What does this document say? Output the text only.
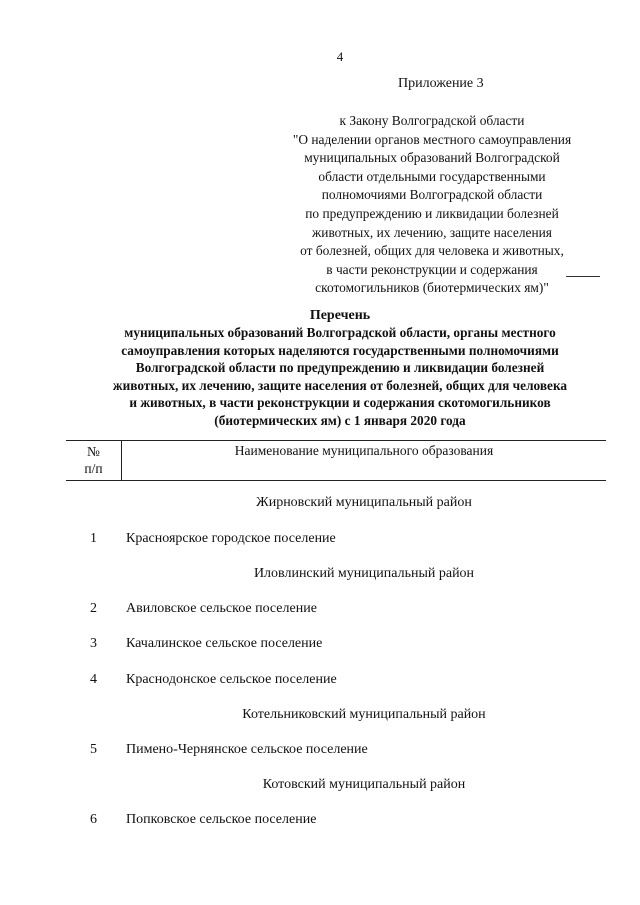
4
Приложение 3
к Закону Волгоградской области
"О наделении органов местного самоуправления
муниципальных образований Волгоградской
области отдельными государственными
полномочиями Волгоградской области
по предупреждению и ликвидации болезней
животных, их лечению, защите населения
от болезней, общих для человека и животных,
в части реконструкции и содержания
скотомогильников (биотермических ям)"
Перечень
муниципальных образований Волгоградской области, органы местного
самоуправления которых наделяются государственными полномочиями
Волгоградской области по предупреждению и ликвидации болезней
животных, их лечению, защите населения от болезней, общих для человека
и животных, в части реконструкции и содержания скотомогильников
(биотермических ям) с 1 января 2020 года
№
п/п
Наименование муниципального образования
Жирновский муниципальный район
1	Красноярское городское поселение
Иловлинский муниципальный район
2	Авиловское сельское поселение
3	Качалинское сельское поселение
4	Краснодонское сельское поселение
Котельниковский муниципальный район
5	Пимено-Чернянское сельское поселение
Котовский муниципальный район
6	Попковское сельское поселение
